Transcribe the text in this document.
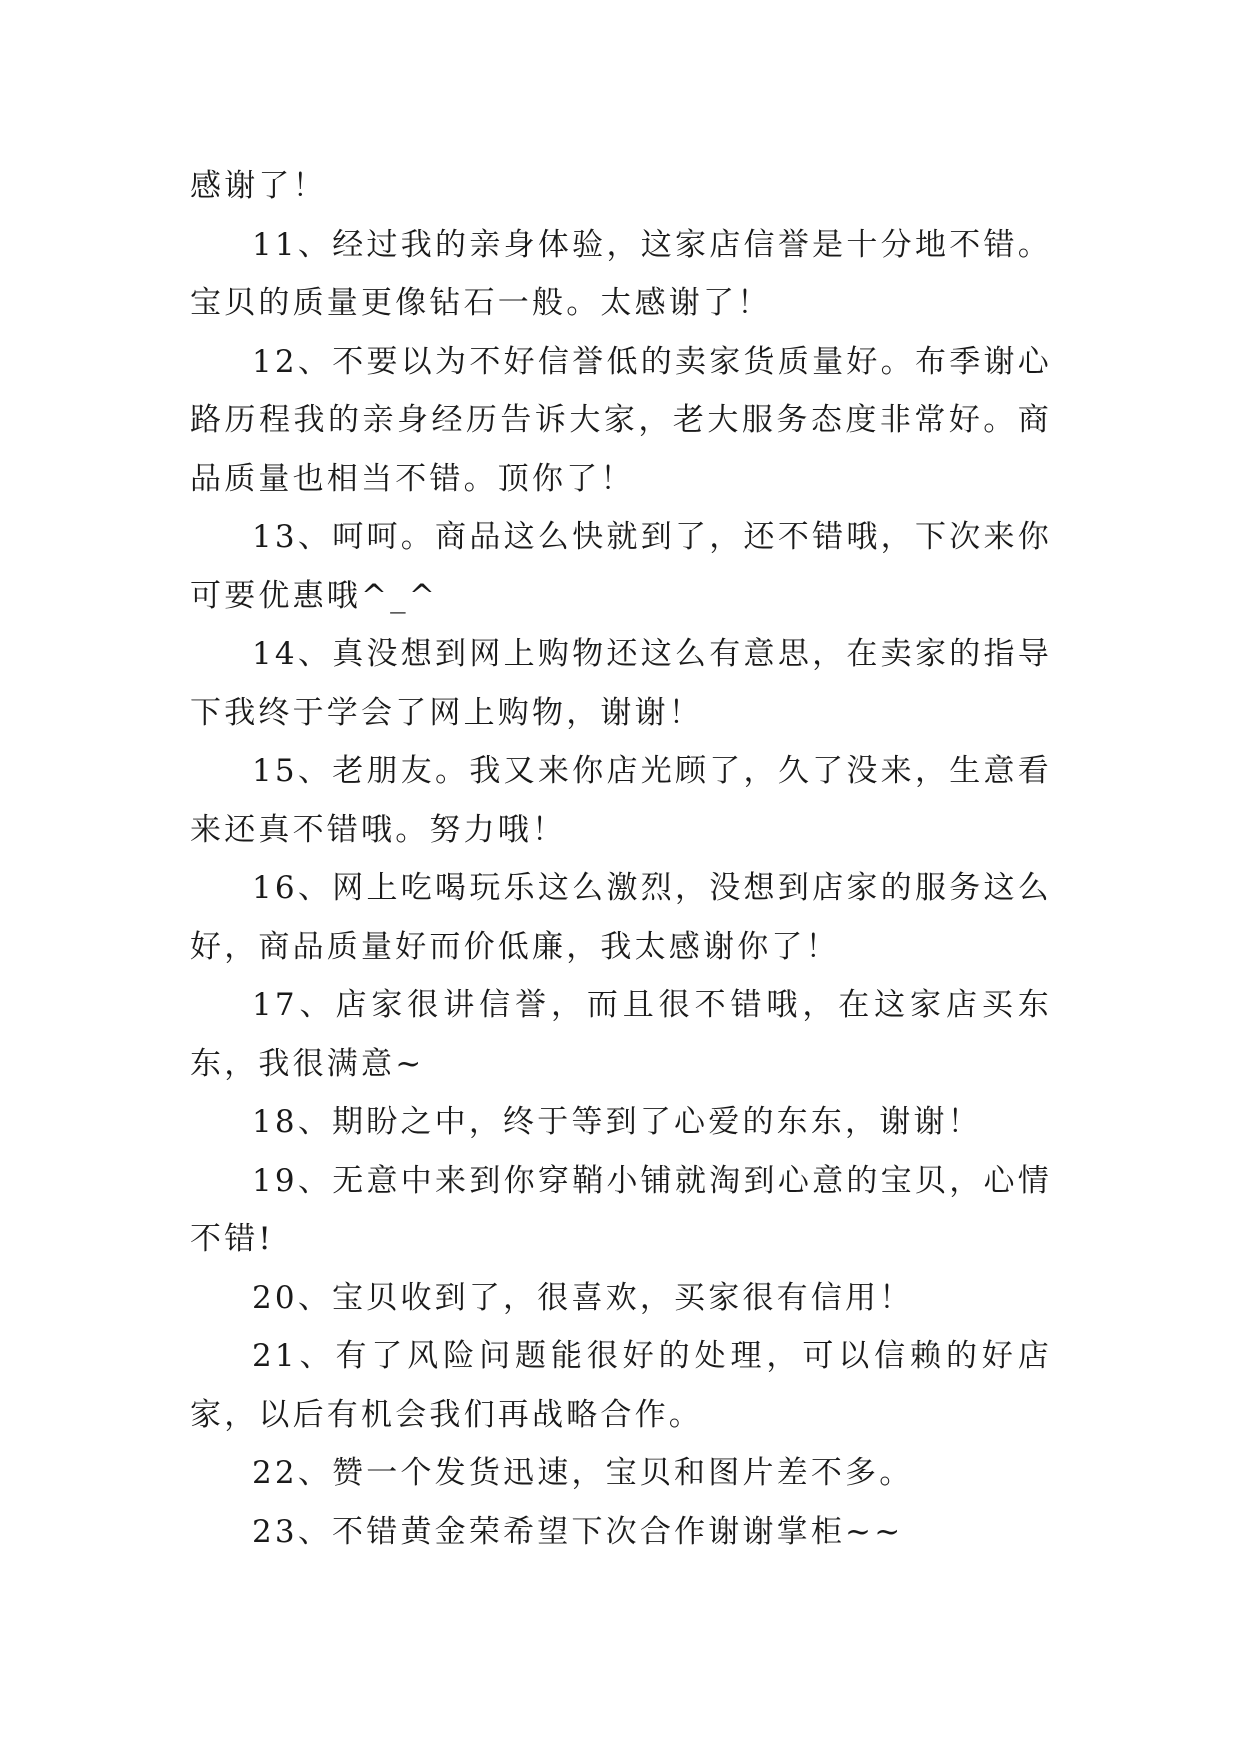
感谢了！

11、经过我的亲身体验，这家店信誉是十分地不错。宝贝的质量更像钻石一般。太感谢了！

12、不要以为不好信誉低的卖家货质量好。布季谢心路历程我的亲身经历告诉大家，老大服务态度非常好。商品质量也相当不错。顶你了！

13、呵呵。商品这么快就到了，还不错哦，下次来你可要优惠哦^_^

14、真没想到网上购物还这么有意思，在卖家的指导下我终于学会了网上购物，谢谢！

15、老朋友。我又来你店光顾了，久了没来，生意看来还真不错哦。努力哦！

16、网上吃喝玩乐这么激烈，没想到店家的服务这么好，商品质量好而价低廉，我太感谢你了！

17、店家很讲信誉，而且很不错哦，在这家店买东东，我很满意~

18、期盼之中，终于等到了心爱的东东，谢谢！

19、无意中来到你穿鞘小铺就淘到心意的宝贝，心情不错!

20、宝贝收到了，很喜欢，买家很有信用！

21、有了风险问题能很好的处理，可以信赖的好店家，以后有机会我们再战略合作。

22、赞一个发货迅速，宝贝和图片差不多。

23、不错黄金荣希望下次合作谢谢掌柜~~
